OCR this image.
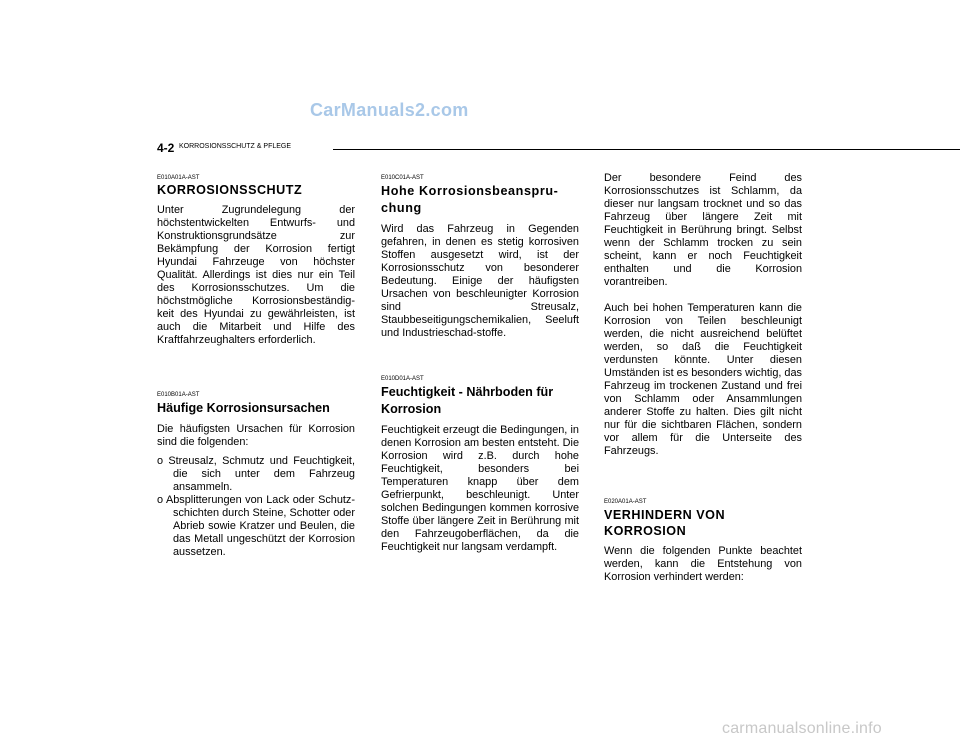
CarManuals2.com
4-2 KORROSIONSSCHUTZ & PFLEGE
E010A01A-AST
KORROSIONSSCHUTZ
Unter Zugrundelegung der höchstentwickelten Entwurfs- und Konstruktionsgrundsätze zur Bekämpfung der Korrosion fertigt Hyundai Fahrzeuge von höchster Qualität. Allerdings ist dies nur ein Teil des Korrosionsschutzes. Um die höchstmögliche Korrosionsbeständig-keit des Hyundai zu gewährleisten, ist auch die Mitarbeit und Hilfe des Kraftfahrzeughalters erforderlich.
E010B01A-AST
Häufige Korrosionsursachen
Die häufigsten Ursachen für Korrosion sind die folgenden:
o Streusalz, Schmutz und Feuchtigkeit, die sich unter dem Fahrzeug ansammeln.
o Absplitterungen von Lack oder Schutz-schichten durch Steine, Schotter oder Abrieb sowie Kratzer und Beulen, die das Metall ungeschützt der Korrosion aussetzen.
E010C01A-AST
Hohe Korrosionsbeanspru-chung
Wird das Fahrzeug in Gegenden gefahren, in denen es stetig korrosiven Stoffen ausgesetzt wird, ist der Korrosionsschutz von besonderer Bedeutung. Einige der häufigsten Ursachen von beschleunigter Korrosion sind Streusalz, Staubbeseitigungschemikalien, Seeluft und Industrieschad-stoffe.
E010D01A-AST
Feuchtigkeit - Nährboden für Korrosion
Feuchtigkeit erzeugt die Bedingungen, in denen Korrosion am besten entsteht. Die Korrosion wird z.B. durch hohe Feuchtigkeit, besonders bei Temperaturen knapp über dem Gefrierpunkt, beschleunigt. Unter solchen Bedingungen kommen korrosive Stoffe über längere Zeit in Berührung mit den Fahrzeugoberflächen, da die Feuchtigkeit nur langsam verdampft.
Der besondere Feind des Korrosionsschutzes ist Schlamm, da dieser nur langsam trocknet und so das Fahrzeug über längere Zeit mit Feuchtigkeit in Berührung bringt. Selbst wenn der Schlamm trocken zu sein scheint, kann er noch Feuchtigkeit enthalten und die Korrosion vorantreiben.
Auch bei hohen Temperaturen kann die Korrosion von Teilen beschleunigt werden, die nicht ausreichend belüftet werden, so daß die Feuchtigkeit verdunsten könnte. Unter diesen Umständen ist es besonders wichtig, das Fahrzeug im trockenen Zustand und frei von Schlamm oder Ansammlungen anderer Stoffe zu halten. Dies gilt nicht nur für die sichtbaren Flächen, sondern vor allem für die Unterseite des Fahrzeugs.
E020A01A-AST
VERHINDERN VON KORROSION
Wenn die folgenden Punkte beachtet werden, kann die Entstehung von Korrosion verhindert werden:
carmanualsonline.info
